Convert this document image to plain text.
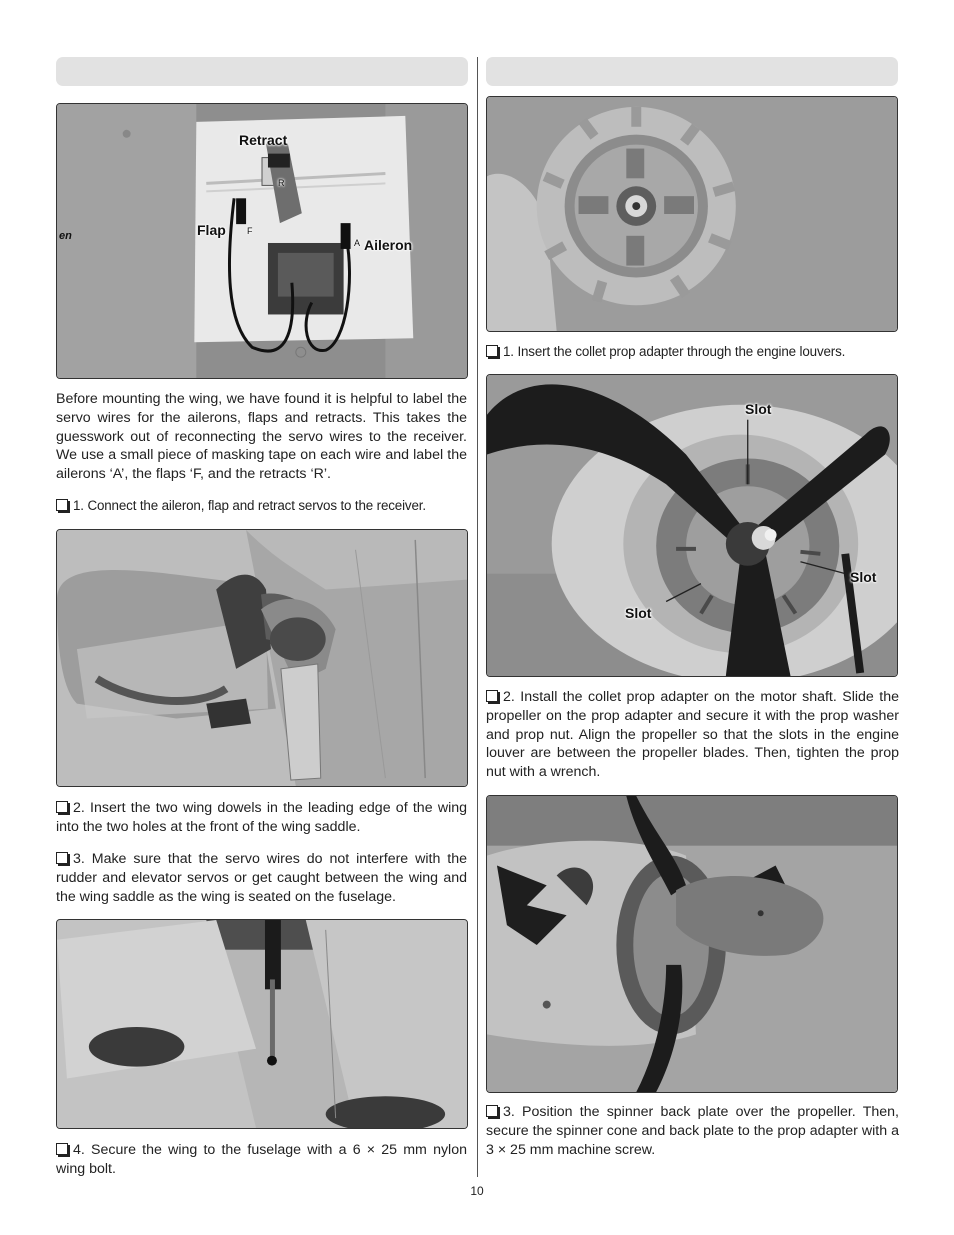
Retract
Flap
Aileron
en
R
F
A
Before mounting the wing, we have found it is helpful to label the servo wires for the ailerons, flaps and retracts. This takes the guesswork out of reconnecting the servo wires to the receiver. We use a small piece of masking tape on each wire and label the ailerons ‘A’, the flaps ‘F, and the retracts ‘R’.
1. Connect the aileron, flap and retract servos to the receiver.
2. Insert the two wing dowels in the leading edge of the wing into the two holes at the front of the wing saddle.
3. Make sure that the servo wires do not interfere with the rudder and elevator servos or get caught between the wing and the wing saddle as the wing is seated on the fuselage.
4. Secure the wing to the fuselage with a 6 × 25 mm nylon wing bolt.
1. Insert the collet prop adapter through the engine louvers.
Slot
Slot
Slot
2. Install the collet prop adapter on the motor shaft. Slide the propeller on the prop adapter and secure it with the prop washer and prop nut. Align the propeller so that the slots in the engine louver are between the propeller blades. Then, tighten the prop nut with a wrench.
3. Position the spinner back plate over the propeller. Then, secure the spinner cone and back plate to the prop adapter with a 3 × 25 mm machine screw.
10
